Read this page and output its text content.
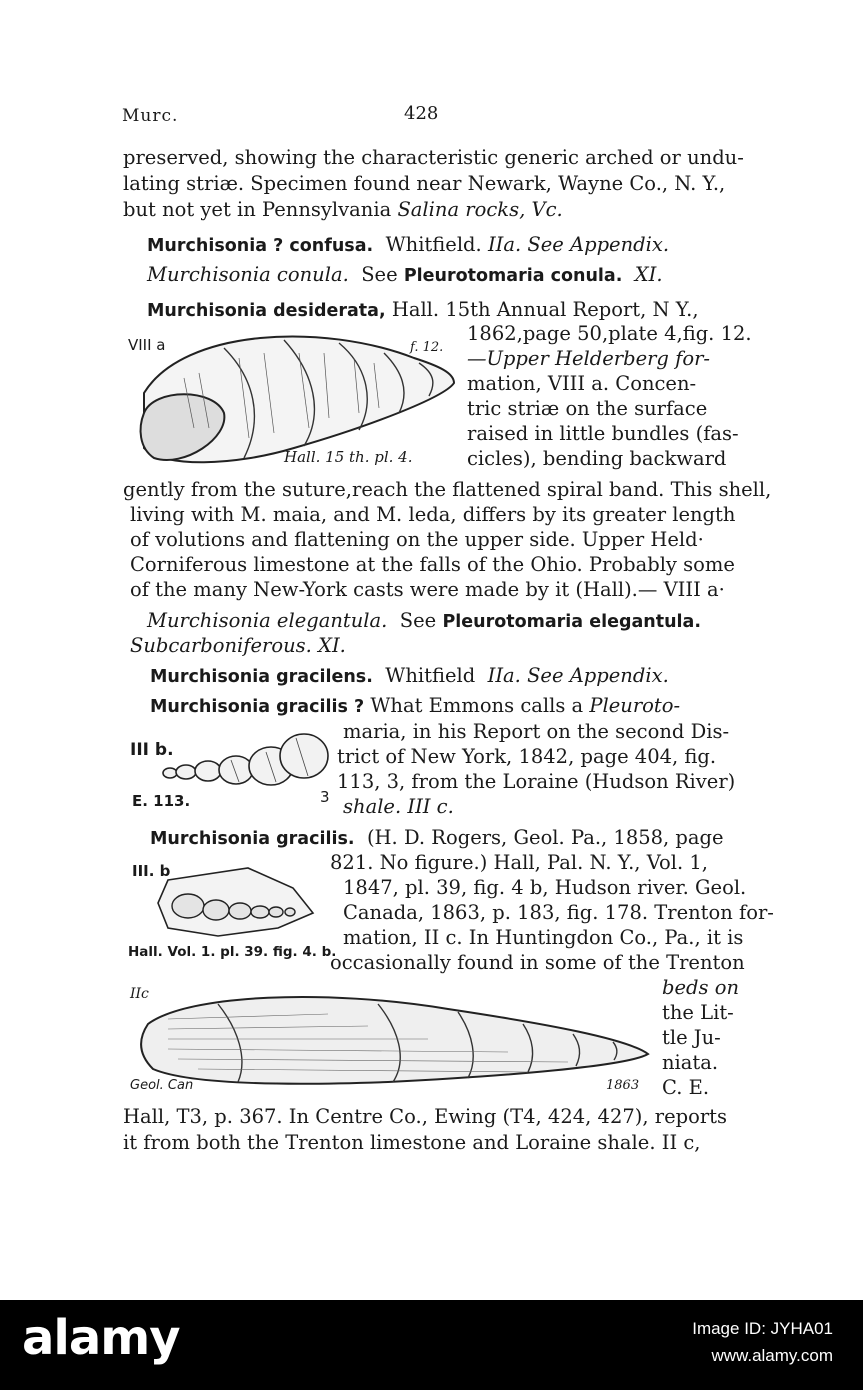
Murc.	428
preserved, showing the characteristic generic arched or undu-
lating striæ. Specimen found near Newark, Wayne Co., N. Y.,
but not yet in Pennsylvania Salina rocks, Vc.
Murchisonia ? confusa. Whitfield. IIa. See Appendix.
Murchisonia conula. See Pleurotomaria conula. XI.
Murchisonia desiderata, Hall. 15th Annual Report, N Y.,
1862,page 50,plate 4,fig. 12.
—Upper Helderberg for-
mation, VIII a. Concen-
tric striæ on the surface
raised in little bundles (fas-
cicles), bending backward
VIII a	f. 12.
Hall. 15 th. pl. 4.
gently from the suture,reach the flattened spiral band. This shell,
living with M. maia, and M. leda, differs by its greater length
of volutions and flattening on the upper side. Upper Held·
Corniferous limestone at the falls of the Ohio. Probably some
of the many New-York casts were made by it (Hall).— VIII a·
Murchisonia elegantula. See Pleurotomaria elegantula.
Subcarboniferous. XI.
Murchisonia gracilens. Whitfield IIa. See Appendix.
Murchisonia gracilis ? What Emmons calls a Pleuroto-
maria, in his Report on the second Dis-
trict of New York, 1842, page 404, fig.
113, 3, from the Loraine (Hudson River)
shale. III c.
III b.
E. 113.	3
Murchisonia gracilis. (H. D. Rogers, Geol. Pa., 1858, page
821. No figure.) Hall, Pal. N. Y., Vol. 1,
1847, pl. 39, fig. 4 b, Hudson river. Geol.
Canada, 1863, p. 183, fig. 178. Trenton for-
mation, II c. In Huntingdon Co., Pa., it is
occasionally found in some of the Trenton
beds on
the Lit-
tle Ju-
niata.
C. E.
III. b
Hall. Vol. 1. pl. 39. fig. 4. b.
IIc
Geol. Can	1863
Hall, T3, p. 367. In Centre Co., Ewing (T4, 424, 427), reports
it from both the Trenton limestone and Loraine shale. II c,
alamy	Image ID: JYHA01
www.alamy.com
